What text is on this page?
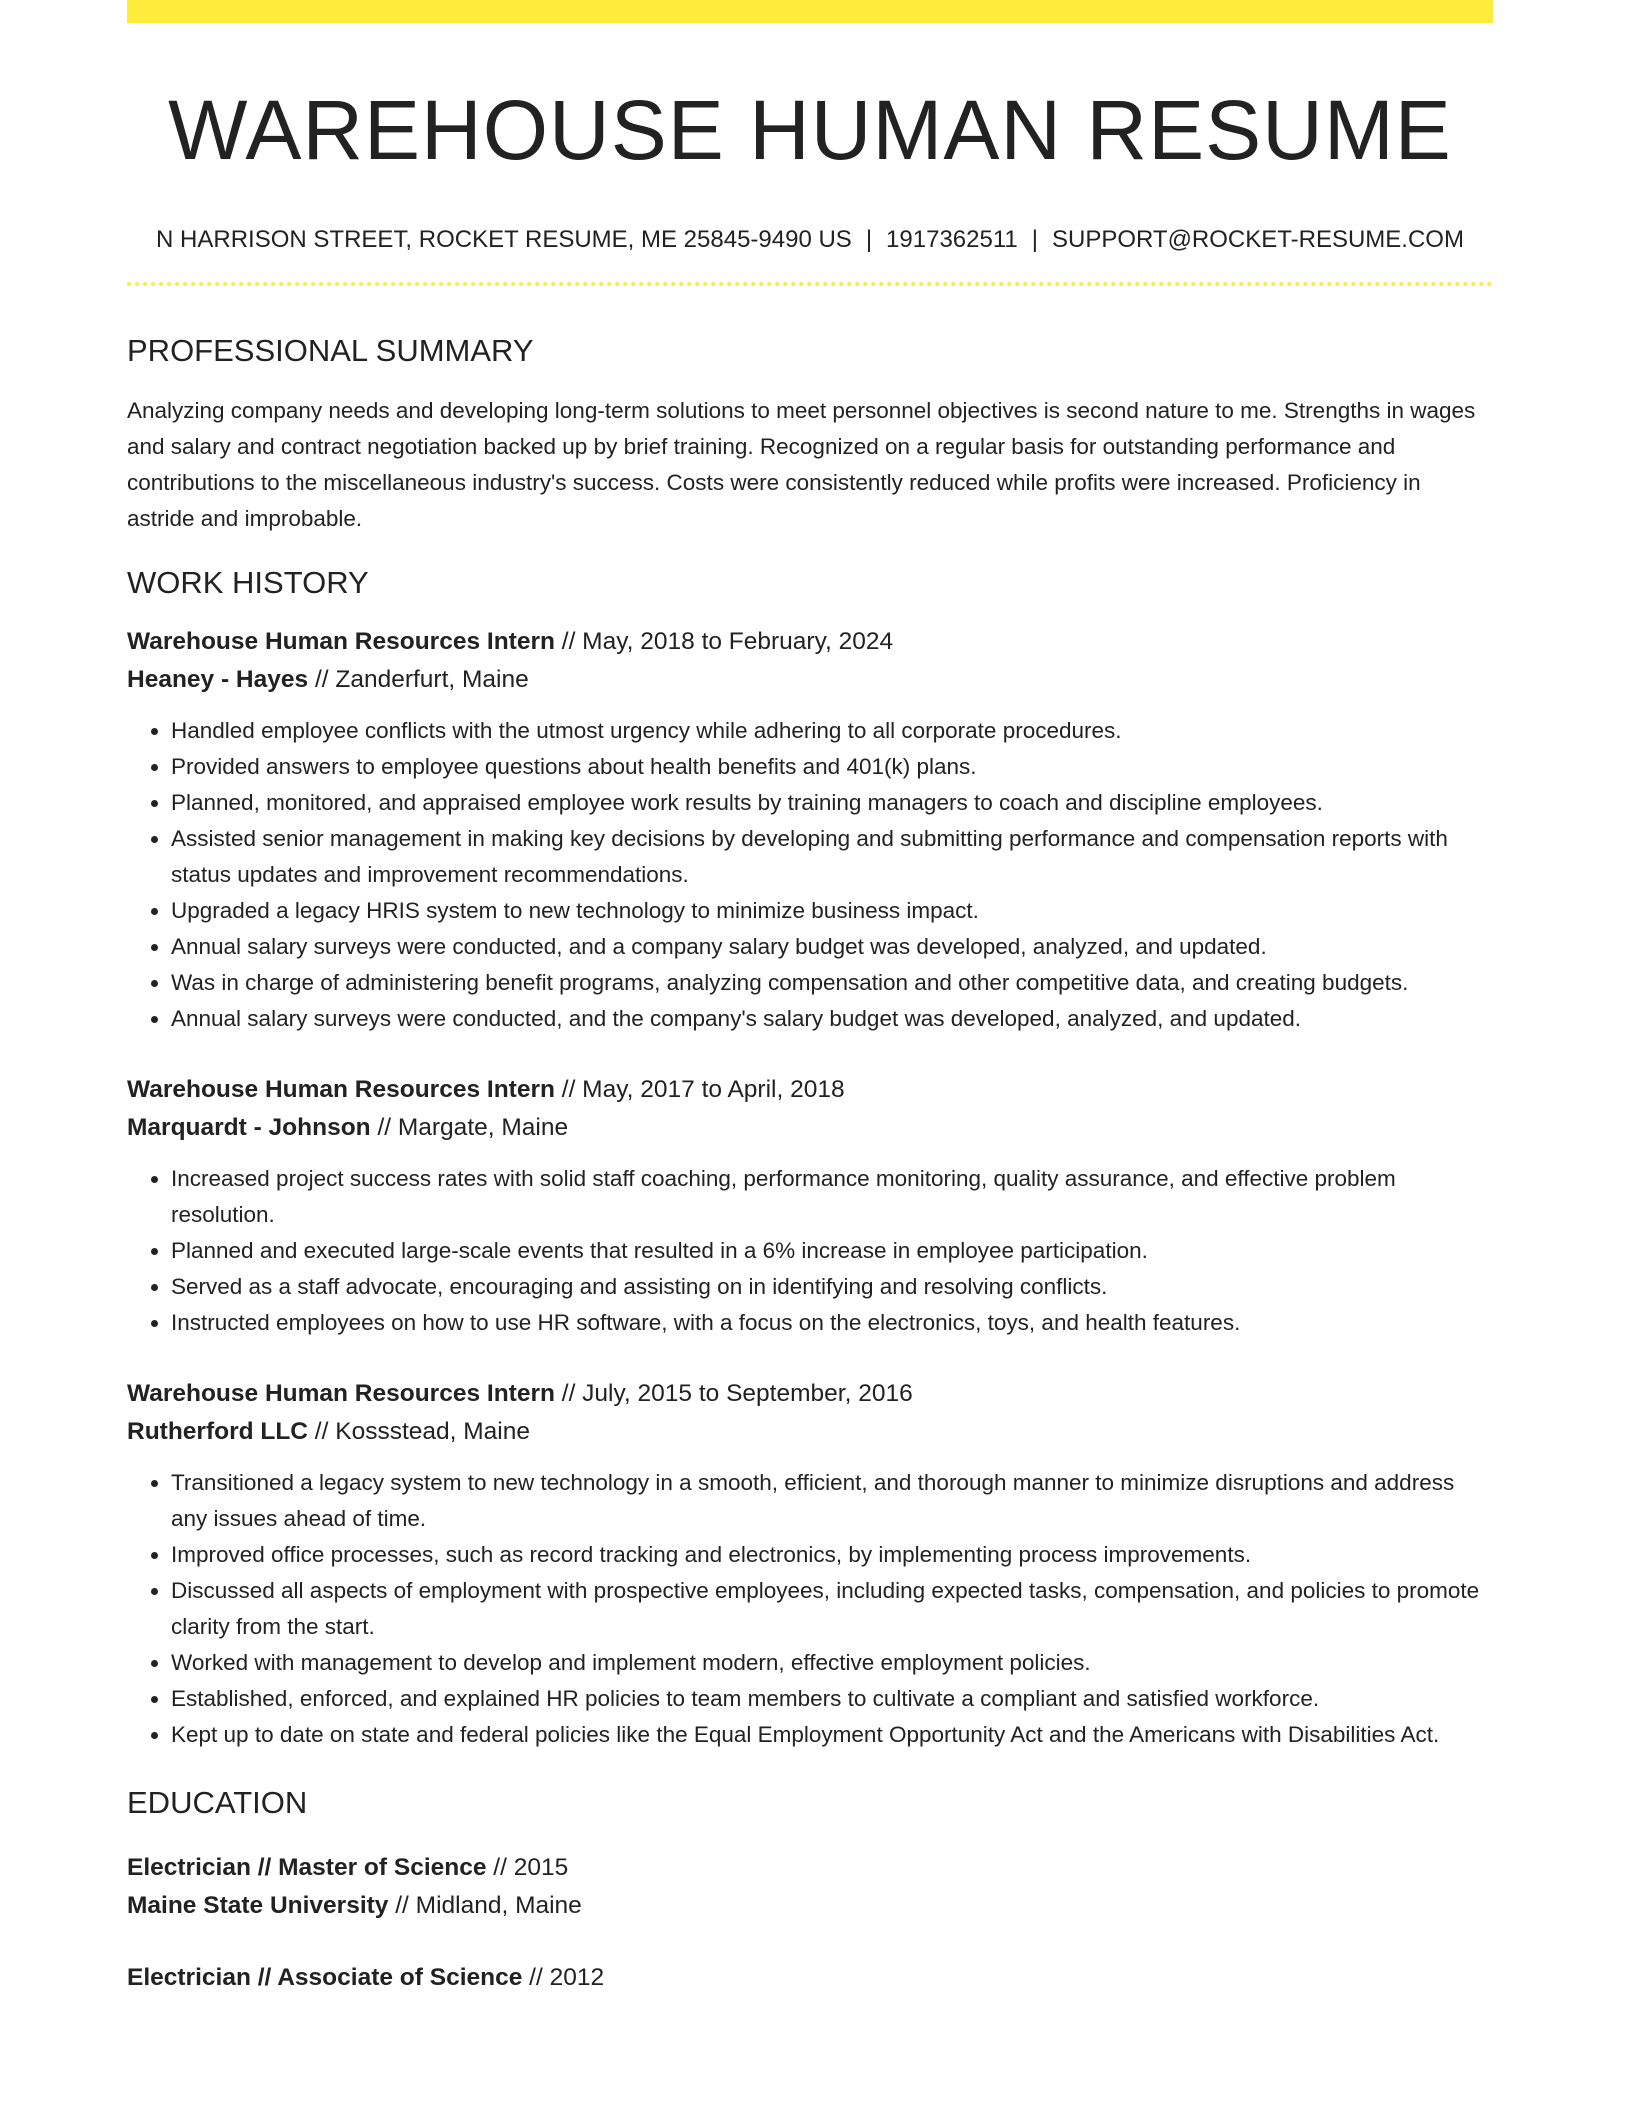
WAREHOUSE HUMAN RESUME
N HARRISON STREET, ROCKET RESUME, ME 25845-9490 US | 1917362511 | SUPPORT@ROCKET-RESUME.COM
PROFESSIONAL SUMMARY

Analyzing company needs and developing long-term solutions to meet personnel objectives is second nature to me. Strengths in wages and salary and contract negotiation backed up by brief training. Recognized on a regular basis for outstanding performance and contributions to the miscellaneous industry's success. Costs were consistently reduced while profits were increased. Proficiency in astride and improbable.

WORK HISTORY
Warehouse Human Resources Intern // May, 2018 to February, 2024
Heaney - Hayes // Zanderfurt, Maine
• Handled employee conflicts with the utmost urgency while adhering to all corporate procedures.
• Provided answers to employee questions about health benefits and 401(k) plans.
• Planned, monitored, and appraised employee work results by training managers to coach and discipline employees.
• Assisted senior management in making key decisions by developing and submitting performance and compensation reports with status updates and improvement recommendations.
• Upgraded a legacy HRIS system to new technology to minimize business impact.
• Annual salary surveys were conducted, and a company salary budget was developed, analyzed, and updated.
• Was in charge of administering benefit programs, analyzing compensation and other competitive data, and creating budgets.
• Annual salary surveys were conducted, and the company's salary budget was developed, analyzed, and updated.
Warehouse Human Resources Intern // May, 2017 to April, 2018
Marquardt - Johnson // Margate, Maine
• Increased project success rates with solid staff coaching, performance monitoring, quality assurance, and effective problem resolution.
• Planned and executed large-scale events that resulted in a 6% increase in employee participation.
• Served as a staff advocate, encouraging and assisting on in identifying and resolving conflicts.
• Instructed employees on how to use HR software, with a focus on the electronics, toys, and health features.
Warehouse Human Resources Intern // July, 2015 to September, 2016
Rutherford LLC // Kossstead, Maine
• Transitioned a legacy system to new technology in a smooth, efficient, and thorough manner to minimize disruptions and address any issues ahead of time.
• Improved office processes, such as record tracking and electronics, by implementing process improvements.
• Discussed all aspects of employment with prospective employees, including expected tasks, compensation, and policies to promote clarity from the start.
• Worked with management to develop and implement modern, effective employment policies.
• Established, enforced, and explained HR policies to team members to cultivate a compliant and satisfied workforce.
• Kept up to date on state and federal policies like the Equal Employment Opportunity Act and the Americans with Disabilities Act.
EDUCATION
Electrician // Master of Science // 2015
Maine State University // Midland, Maine
Electrician // Associate of Science // 2012
